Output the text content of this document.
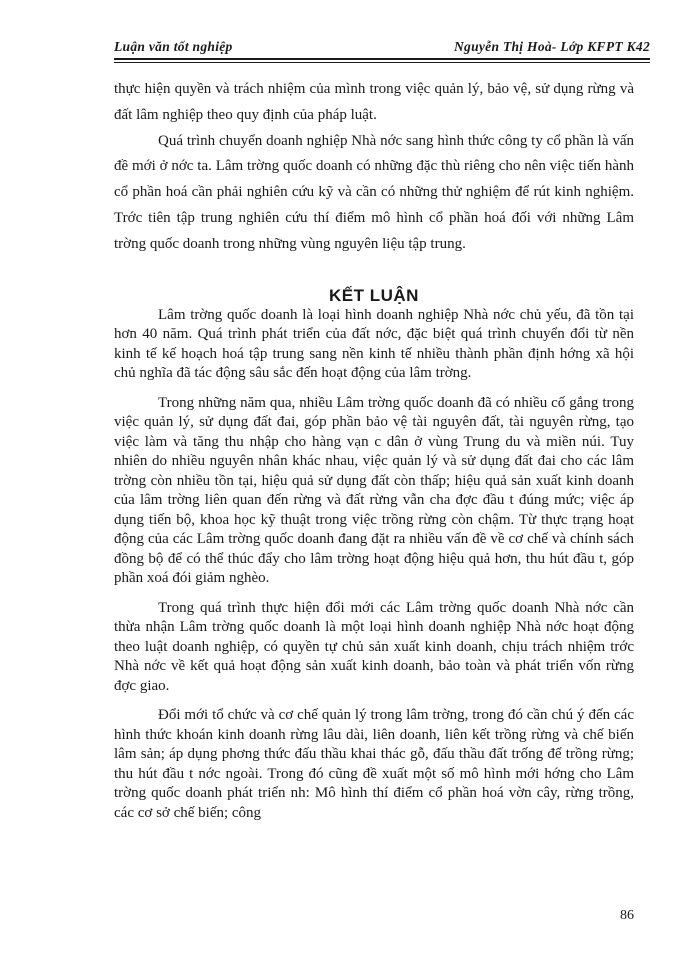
Luận văn tốt nghiệp	Nguyễn Thị Hoà- Lớp KFPT K42

thực hiện quyền và trách nhiệm của mình trong việc quản lý, bảo vệ, sử dụng rừng và đất lâm nghiệp theo quy định của pháp luật.

Quá trình chuyển doanh nghiệp Nhà nớc sang hình thức công ty cổ phần là vấn đề mới ở nớc ta. Lâm trờng quốc doanh có những đặc thù riêng cho nên việc tiến hành cổ phần hoá cần phải nghiên cứu kỹ và cần có những thử nghiệm để rút kinh nghiệm. Trớc tiên tập trung nghiên cứu thí điểm mô hình cổ phần hoá đối với những Lâm trờng quốc doanh trong những vùng nguyên liệu tập trung.

KẾT LUẬN

Lâm trờng quốc doanh là loại hình doanh nghiệp Nhà nớc chủ yếu, đã tồn tại hơn 40 năm. Quá trình phát triển của đất nớc, đặc biệt quá trình chuyển đổi từ nền kinh tế kế hoạch hoá tập trung sang nền kinh tế nhiều thành phần định hớng xã hội chủ nghĩa đã tác động sâu sắc đến hoạt động của lâm trờng.

Trong những năm qua, nhiều Lâm trờng quốc doanh đã có nhiều cố gắng trong việc quản lý, sử dụng đất đai, góp phần bảo vệ tài nguyên đất, tài nguyên rừng, tạo việc làm và tăng thu nhập cho hàng vạn c dân ở vùng Trung du và miền núi. Tuy nhiên do nhiều nguyên nhân khác nhau, việc quản lý và sử dụng đất đai cho các lâm trờng còn nhiều tồn tại, hiệu quả sử dụng đất còn thấp; hiệu quả sản xuất kinh doanh của lâm trờng liên quan đến rừng và đất rừng vẫn cha đợc đầu t đúng mức; việc áp dụng tiến bộ, khoa học kỹ thuật trong việc trồng rừng còn chậm. Từ thực trạng hoạt động của các Lâm trờng quốc doanh đang đặt ra nhiều vấn đề về cơ chế và chính sách đồng bộ để có thể thúc đẩy cho lâm trờng hoạt động hiệu quả hơn, thu hút đầu t, góp phần xoá đói giảm nghèo.

Trong quá trình thực hiện đổi mới các Lâm trờng quốc doanh Nhà nớc cần thừa nhận Lâm trờng quốc doanh là một loại hình doanh nghiệp Nhà nớc hoạt động theo luật doanh nghiệp, có quyền tự chủ sản xuất kinh doanh, chịu trách nhiệm trớc Nhà nớc về kết quả hoạt động sản xuất kinh doanh, bảo toàn và phát triển vốn rừng đợc giao.

Đổi mới tổ chức và cơ chế quản lý trong lâm trờng, trong đó cần chú ý đến các hình thức khoán kinh doanh rừng lâu dài, liên doanh, liên kết trồng rừng và chế biến lâm sản; áp dụng phơng thức đấu thầu khai thác gỗ, đấu thầu đất trống để trồng rừng; thu hút đầu t nớc ngoài. Trong đó cũng đề xuất một số mô hình mới hớng cho Lâm trờng quốc doanh phát triển nh: Mô hình thí điểm cổ phần hoá vờn cây, rừng trồng, các cơ sở chế biến; công

86
